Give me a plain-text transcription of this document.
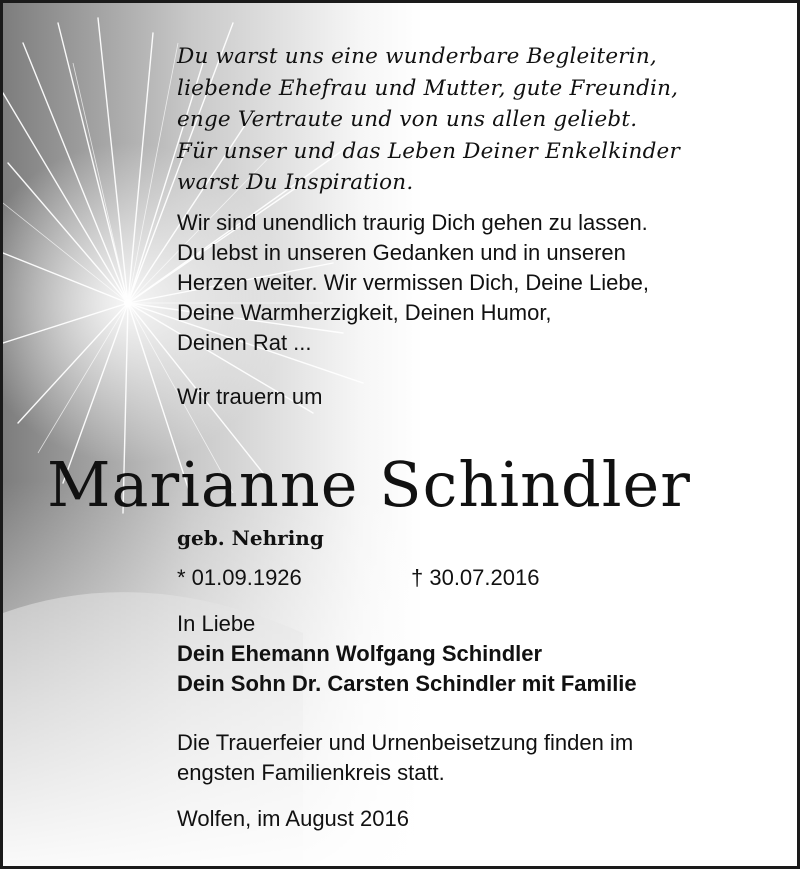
Du warst uns eine wunderbare Begleiterin,
liebende Ehefrau und Mutter, gute Freundin,
enge Vertraute und von uns allen geliebt.
Für unser und das Leben Deiner Enkelkinder
warst Du Inspiration.
Wir sind unendlich traurig Dich gehen zu lassen.
Du lebst in unseren Gedanken und in unseren
Herzen weiter. Wir vermissen Dich, Deine Liebe,
Deine Warmherzigkeit, Deinen Humor,
Deinen Rat ...
Wir trauern um
Marianne Schindler
geb. Nehring
* 01.09.1926	† 30.07.2016
In Liebe
Dein Ehemann Wolfgang Schindler
Dein Sohn Dr. Carsten Schindler mit Familie
Die Trauerfeier und Urnenbeisetzung finden im
engsten Familienkreis statt.
Wolfen, im August 2016
